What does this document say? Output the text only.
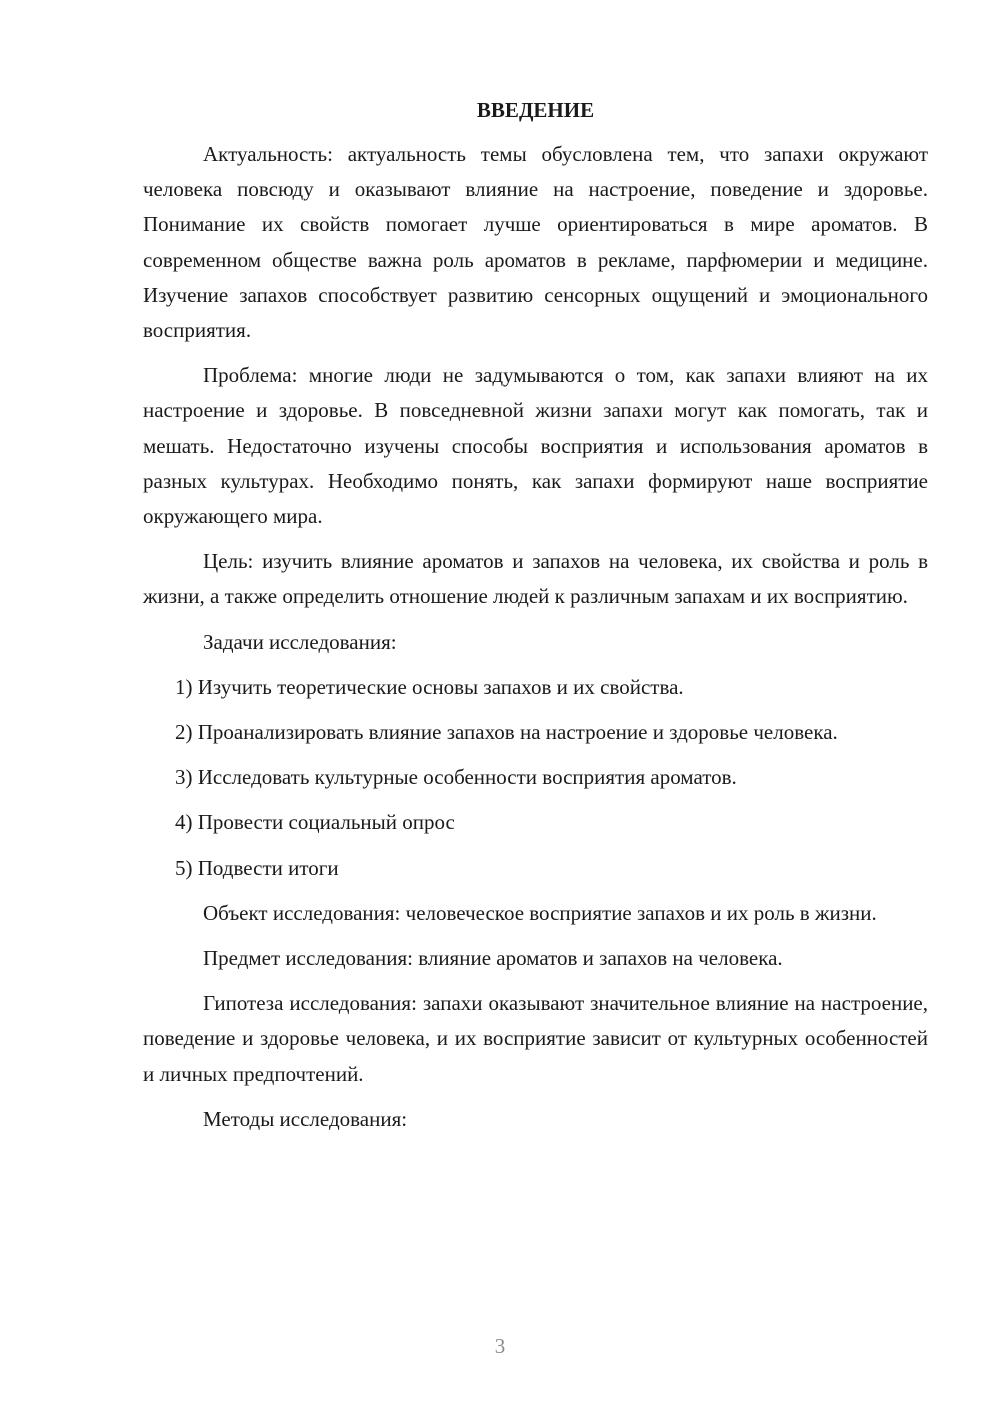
ВВЕДЕНИЕ

Актуальность: актуальность темы обусловлена тем, что запахи окружают человека повсюду и оказывают влияние на настроение, поведение и здоровье. Понимание их свойств помогает лучше ориентироваться в мире ароматов. В современном обществе важна роль ароматов в рекламе, парфюмерии и медицине. Изучение запахов способствует развитию сенсорных ощущений и эмоционального восприятия.

Проблема: многие люди не задумываются о том, как запахи влияют на их настроение и здоровье. В повседневной жизни запахи могут как помогать, так и мешать. Недостаточно изучены способы восприятия и использования ароматов в разных культурах. Необходимо понять, как запахи формируют наше восприятие окружающего мира.

Цель: изучить влияние ароматов и запахов на человека, их свойства и роль в жизни, а также определить отношение людей к различным запахам и их восприятию.

Задачи исследования:

1) Изучить теоретические основы запахов и их свойства.

2) Проанализировать влияние запахов на настроение и здоровье человека.

3) Исследовать культурные особенности восприятия ароматов.

4) Провести социальный опрос

5) Подвести итоги

Объект исследования: человеческое восприятие запахов и их роль в жизни.

Предмет исследования: влияние ароматов и запахов на человека.

Гипотеза исследования: запахи оказывают значительное влияние на настроение, поведение и здоровье человека, и их восприятие зависит от культурных особенностей и личных предпочтений.

Методы исследования:

3
